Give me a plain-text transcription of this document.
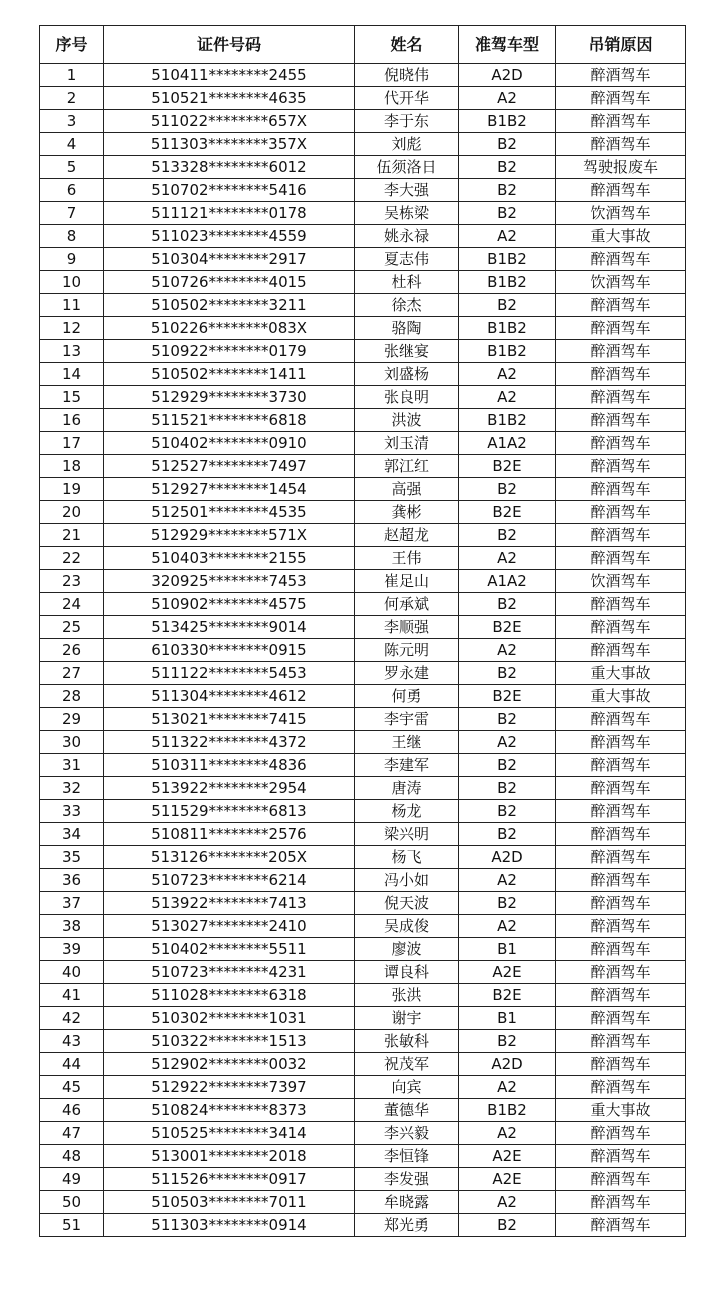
序号	证件号码	姓名	准驾车型	吊销原因
1	510411********2455	倪晓伟	A2D	醉酒驾车
2	510521********4635	代开华	A2	醉酒驾车
3	511022********657X	李于东	B1B2	醉酒驾车
4	511303********357X	刘彪	B2	醉酒驾车
5	513328********6012	伍须洛日	B2	驾驶报废车
6	510702********5416	李大强	B2	醉酒驾车
7	511121********0178	吴栋梁	B2	饮酒驾车
8	511023********4559	姚永禄	A2	重大事故
9	510304********2917	夏志伟	B1B2	醉酒驾车
10	510726********4015	杜科	B1B2	饮酒驾车
11	510502********3211	徐杰	B2	醉酒驾车
12	510226********083X	骆陶	B1B2	醉酒驾车
13	510922********0179	张继宴	B1B2	醉酒驾车
14	510502********1411	刘盛杨	A2	醉酒驾车
15	512929********3730	张良明	A2	醉酒驾车
16	511521********6818	洪波	B1B2	醉酒驾车
17	510402********0910	刘玉清	A1A2	醉酒驾车
18	512527********7497	郭江红	B2E	醉酒驾车
19	512927********1454	高强	B2	醉酒驾车
20	512501********4535	龚彬	B2E	醉酒驾车
21	512929********571X	赵超龙	B2	醉酒驾车
22	510403********2155	王伟	A2	醉酒驾车
23	320925********7453	崔足山	A1A2	饮酒驾车
24	510902********4575	何承斌	B2	醉酒驾车
25	513425********9014	李顺强	B2E	醉酒驾车
26	610330********0915	陈元明	A2	醉酒驾车
27	511122********5453	罗永建	B2	重大事故
28	511304********4612	何勇	B2E	重大事故
29	513021********7415	李宇雷	B2	醉酒驾车
30	511322********4372	王继	A2	醉酒驾车
31	510311********4836	李建军	B2	醉酒驾车
32	513922********2954	唐涛	B2	醉酒驾车
33	511529********6813	杨龙	B2	醉酒驾车
34	510811********2576	梁兴明	B2	醉酒驾车
35	513126********205X	杨飞	A2D	醉酒驾车
36	510723********6214	冯小如	A2	醉酒驾车
37	513922********7413	倪天波	B2	醉酒驾车
38	513027********2410	吴成俊	A2	醉酒驾车
39	510402********5511	廖波	B1	醉酒驾车
40	510723********4231	谭良科	A2E	醉酒驾车
41	511028********6318	张洪	B2E	醉酒驾车
42	510302********1031	谢宇	B1	醉酒驾车
43	510322********1513	张敏科	B2	醉酒驾车
44	512902********0032	祝茂军	A2D	醉酒驾车
45	512922********7397	向宾	A2	醉酒驾车
46	510824********8373	董德华	B1B2	重大事故
47	510525********3414	李兴毅	A2	醉酒驾车
48	513001********2018	李恒锋	A2E	醉酒驾车
49	511526********0917	李发强	A2E	醉酒驾车
50	510503********7011	牟晓露	A2	醉酒驾车
51	511303********0914	郑光勇	B2	醉酒驾车
